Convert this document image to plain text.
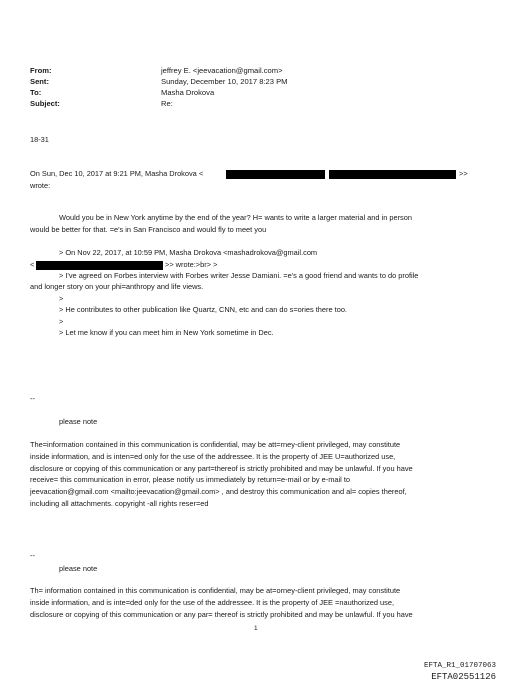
From:	jeffrey E. <jeevacation@gmail.com>
Sent:	Sunday, December 10, 2017 8:23 PM
To:	Masha Drokova
Subject:	Re:
18-31
On Sun, Dec 10, 2017 at 9:21 PM, Masha Drokova <	>>
wrote:
Would you be in New York anytime by the end of the year? H= wants to write a larger material and in person
would be better for that. =e's in San Francisco and would fly to meet you
> On Nov 22, 2017, at 10:59 PM, Masha Drokova <mashadrokova@gmail.com
<	>> wrote:>br> >
> I've agreed on Forbes interview with Forbes writer Jesse Damiani. =e's a good friend and wants to do profile
and longer story on your phi=anthropy and life views.
>
> He contributes to other publication like Quartz, CNN, etc and can do s=ories there too.
>
> Let me know if you can meet him in New York sometime in Dec.
--
please note
The=information contained in this communication is confidential, may be att=rney-client privileged, may constitute
inside information, and is inten=ed only for the use of the addressee. It is the property of JEE U=authorized use,
disclosure or copying of this communication or any part=thereof is strictly prohibited and may be unlawful. If you have
receive= this communication in error, please notify us immediately by return=e-mail or by e-mail to
jeevacation@gmail.com <mailto:jeevacation@gmail.com> , and destroy this communication and al= copies thereof,
including all attachments. copyright -all rights reser=ed
--
please note
Th= information contained in this communication is confidential, may be at=orney-client privileged, may constitute
inside information, and is inte=ded only for the use of the addressee. It is the property of JEE =nauthorized use,
disclosure or copying of this communication or any par= thereof is strictly prohibited and may be unlawful. If you have
1
EFTA_R1_01707063
EFTA02551126
